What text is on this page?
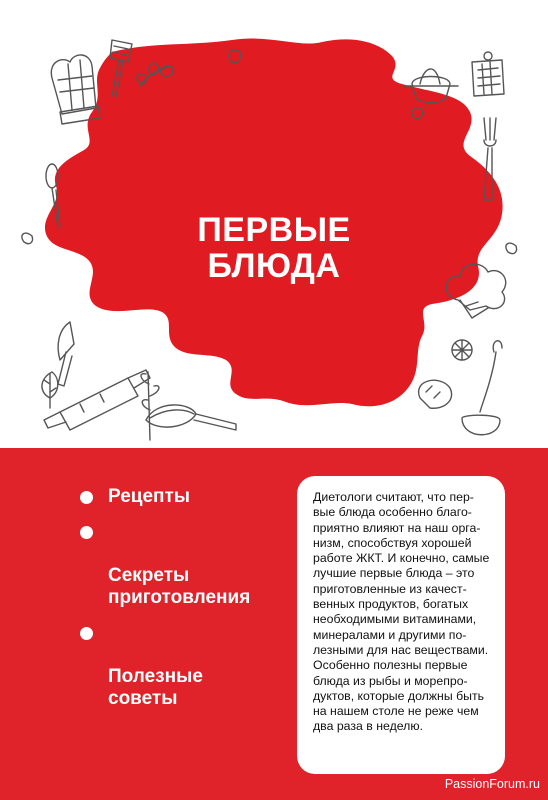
ПЕРВЫЕ
БЛЮДА
Рецепты

Секреты
приготовления

Полезные
советы

Диетологи считают, что пер-
вые блюда особенно благо-
приятно влияют на наш орга-
низм, способствуя хорошей
работе ЖКТ. И конечно, самые
лучшие первые блюда – это
приготовленные из качест-
венных продуктов, богатых
необходимыми витаминами,
минералами и другими по-
лезными для нас веществами.
Особенно полезны первые
блюда из рыбы и морепро-
дуктов, которые должны быть
на нашем столе не реже чем
два раза в неделю.

PassionForum.ru
